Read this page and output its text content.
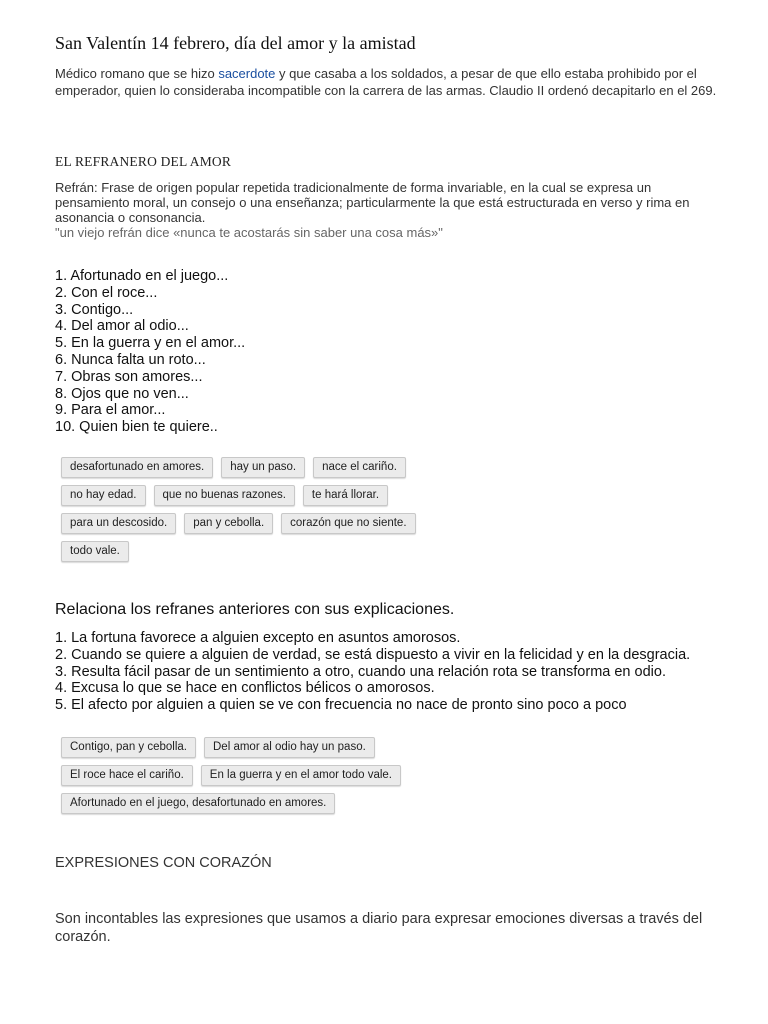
San Valentín 14 febrero, día del amor y la amistad

Médico romano que se hizo sacerdote y que casaba a los soldados, a pesar de que ello estaba prohibido por el emperador, quien lo consideraba incompatible con la carrera de las armas. Claudio II ordenó decapitarlo en el 269.

EL REFRANERO DEL AMOR

Refrán: Frase de origen popular repetida tradicionalmente de forma invariable, en la cual se expresa un pensamiento moral, un consejo o una enseñanza; particularmente la que está estructurada en verso y rima en asonancia o consonancia.
"un viejo refrán dice «nunca te acostarás sin saber una cosa más»"

1. Afortunado en el juego...
2. Con el roce...
3. Contigo...
4. Del amor al odio...
5. En la guerra y en el amor...
6. Nunca falta un roto...
7. Obras son amores...
8. Ojos que no ven...
9. Para el amor...
10. Quien bien te quiere..
desafortunado en amores.	hay un paso.	nace el cariño.
no hay edad.	que no buenas razones.	te hará llorar.
para un descosido.	pan y cebolla.	corazón que no siente.
todo vale.
Relaciona los refranes anteriores con sus explicaciones.
1. La fortuna favorece a alguien excepto en asuntos amorosos.
2. Cuando se quiere a alguien de verdad, se está dispuesto a vivir en la felicidad y en la desgracia.
3. Resulta fácil pasar de un sentimiento a otro, cuando una relación rota se transforma en odio.
4. Excusa lo que se hace en conflictos bélicos o amorosos.
5. El afecto por alguien a quien se ve con frecuencia no nace de pronto sino poco a poco
Contigo, pan y cebolla.	Del amor al odio hay un paso.
El roce hace el cariño.	En la guerra y en el amor todo vale.
Afortunado en el juego, desafortunado en amores.
EXPRESIONES CON CORAZÓN

Son incontables las expresiones que usamos a diario para expresar emociones diversas a través del corazón.
